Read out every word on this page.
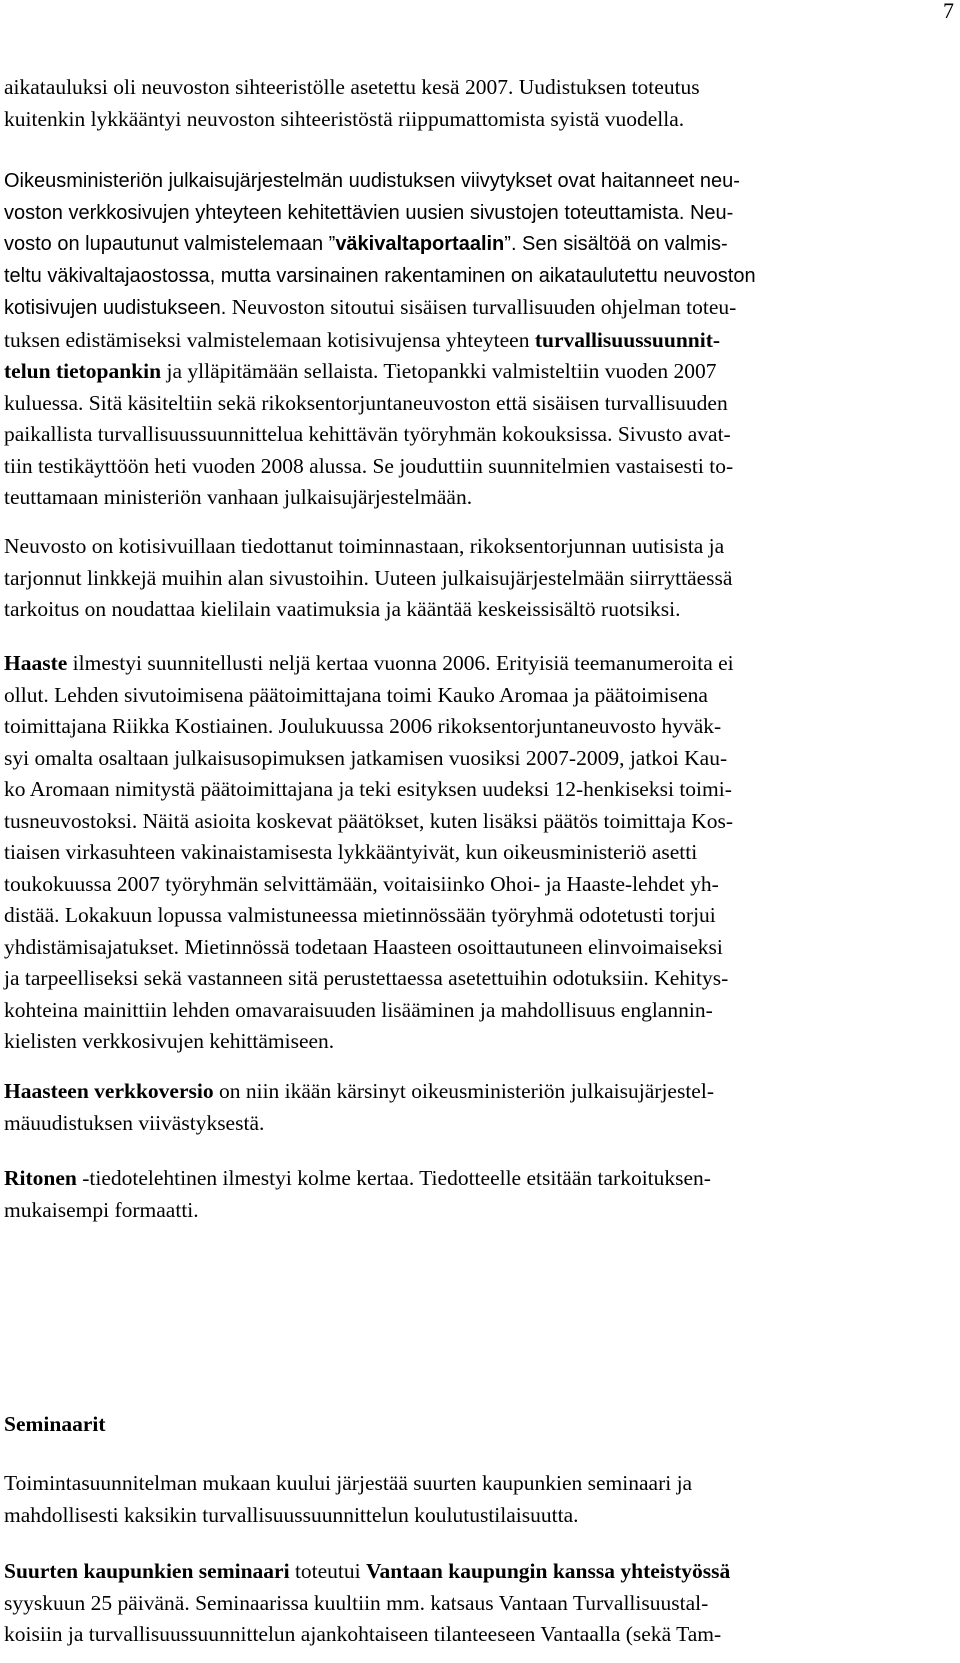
7
aikatauluksi oli neuvoston sihteeristölle asetettu kesä 2007. Uudistuksen toteutus
kuitenkin lykkääntyi neuvoston sihteeristöstä riippumattomista syistä vuodella.
Oikeusministeriön julkaisujärjestelmän uudistuksen viivytykset ovat haitanneet neu-
voston verkkosivujen yhteyteen kehitettävien uusien sivustojen toteuttamista. Neu-
vosto on lupautunut valmistelemaan ”väkivaltaportaalin”. Sen sisältöä on valmis-
teltu väkivaltajaostossa, mutta varsinainen rakentaminen on aikataulutettu neuvoston
kotisivujen uudistukseen. Neuvoston sitoutui sisäisen turvallisuuden ohjelman toteu-
tuksen edistämiseksi valmistelemaan kotisivujensa yhteyteen turvallisuussuunnit-
telun tietopankin ja ylläpitämään sellaista. Tietopankki valmisteltiin vuoden 2007
kuluessa. Sitä käsiteltiin sekä rikoksentorjuntaneuvoston että sisäisen turvallisuuden
paikallista turvallisuussuunnittelua kehittävän työryhmän kokouksissa. Sivusto avat-
tiin testikäyttöön heti vuoden 2008 alussa. Se jouduttiin suunnitelmien vastaisesti to-
teuttamaan ministeriön vanhaan julkaisujärjestelmään.
Neuvosto on kotisivuillaan tiedottanut toiminnastaan, rikoksentorjunnan uutisista ja
tarjonnut linkkejä muihin alan sivustoihin. Uuteen julkaisujärjestelmään siirryttäessä
tarkoitus on noudattaa kielilain vaatimuksia ja kääntää keskeissisältö ruotsiksi.
Haaste ilmestyi suunnitellusti neljä kertaa vuonna 2006. Erityisiä teemanumeroita ei
ollut. Lehden sivutoimisena päätoimittajana toimi Kauko Aromaa ja päätoimisena
toimittajana Riikka Kostiainen. Joulukuussa 2006 rikoksentorjuntaneuvosto hyväk-
syi omalta osaltaan julkaisusopimuksen jatkamisen vuosiksi 2007-2009, jatkoi Kau-
ko Aromaan nimitystä päätoimittajana ja teki esityksen uudeksi 12-henkiseksi toimi-
tusneuvostoksi. Näitä asioita koskevat päätökset, kuten lisäksi päätös toimittaja Kos-
tiaisen virkasuhteen vakinaistamisesta lykkääntyivät, kun oikeusministeriö asetti
toukokuussa 2007 työryhmän selvittämään, voitaisiinko Ohoi- ja Haaste-lehdet yh-
distää. Lokakuun lopussa valmistuneessa mietinnössään työryhmä odotetusti torjui
yhdistämisajatukset. Mietinnössä todetaan Haasteen osoittautuneen elinvoimaiseksi
ja tarpeelliseksi sekä vastanneen sitä perustettaessa asetettuihin odotuksiin. Kehitys-
kohteina mainittiin lehden omavaraisuuden lisääminen ja mahdollisuus englannin-
kielisten verkkosivujen kehittämiseen.
Haasteen verkkoversio on niin ikään kärsinyt oikeusministeriön julkaisujärjestel-
mäuudistuksen viivästyksestä.
Ritonen -tiedotelehtinen ilmestyi kolme kertaa. Tiedotteelle etsitään tarkoituksen-
mukaisempi formaatti.
Seminaarit
Toimintasuunnitelman mukaan kuului järjestää suurten kaupunkien seminaari ja
mahdollisesti kaksikin turvallisuussuunnittelun koulutustilaisuutta.
Suurten kaupunkien seminaari toteutui Vantaan kaupungin kanssa yhteistyössä
syyskuun 25 päivänä. Seminaarissa kuultiin mm. katsaus Vantaan Turvallisuustal-
koisiin ja turvallisuussuunnittelun ajankohtaiseen tilanteeseen Vantaalla (sekä Tam-
